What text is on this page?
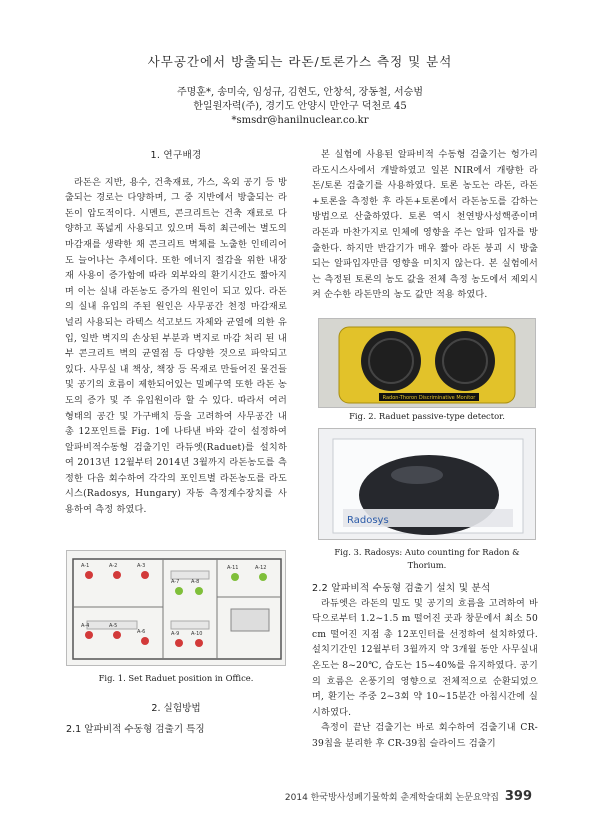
사무공간에서 방출되는 라돈/토론가스 측정 및 분석
주명훈*, 송미숙, 임성규, 김현도, 안창석, 장동철, 서승범
한일원자력(주), 경기도 안양시 만안구 덕천로 45
*smsdr@hanilnuclear.co.kr
1. 연구배경

라돈은 지반, 용수, 건축재료, 가스, 옥외 공기 등 방출되는 경로는 다양하며, 그 중 지반에서 방출되는 라돈이 압도적이다. 시멘트, 콘크리트는 건축 재료로 다양하고 폭넓게 사용되고 있으며 특히 최근에는 별도의 마감재를 생략한 채 콘크리트 벽체를 노출한 인테리어도 늘어나는 추세이다. 또한 에너지 절감을 위한 내장재 사용이 증가함에 따라 외부와의 환기시간도 짧아지며 이는 실내 라돈농도 증가의 원인이 되고 있다. 라돈의 실내 유입의 주된 원인은 사무공간 천정 마감재로 널리 사용되는 라텍스 석고보드 자체와 균열에 의한 유입, 일반 벽지의 손상된 부분과 벽지로 마감 처리 된 내부 콘크리트 벽의 균열점 등 다양한 것으로 파악되고 있다. 사무실 내 책상, 책장 등 목재로 만들어진 물건들 및 공기의 흐름이 제한되어있는 밀폐구역 또한 라돈 농도의 증가 및 주 유입원이라 할 수 있다. 따라서 여러 형태의 공간 및 가구배치 등을 고려하여 사무공간 내 총 12포인트를 Fig. 1에 나타낸 바와 같이 설정하여 알파비적수동형 검출기인 라듀엣(Raduet)를 설치하여 2013년 12월부터 2014년 3월까지 라돈농도를 측정한 다음 회수하여 각각의 포인트별 라돈농도를 라도시스(Radosys, Hungary) 자동 측정계수장치를 사용하여 측정 하였다.

A-1	A-2	A-3
A-4	A-5
A-6
A-7 A-8
A-9 A-10
A-11	A-12
Fig. 1. Set Raduet position in Office.
2. 실험방법
2.1 알파비적 수동형 검출기 특징

본 실험에 사용된 알파비적 수동형 검출기는 헝가리 라도시스사에서 개발하였고 일본 NIR에서 개량한 라돈/토론 검출기를 사용하였다. 토론 농도는 라돈, 라돈+토론을 측정한 후 라돈+토론에서 라돈농도를 감하는 방법으로 산출하였다. 토론 역시 천연방사성핵종이며 라돈과 마찬가지로 인체에 영향을 주는 알파 입자를 방출한다. 하지만 반감기가 매우 짧아 라돈 붕괴 시 방출되는 알파입자만큼 영향을 미치지 않는다. 본 실험에서는 측정된 토론의 농도 값을 전체 측정 농도에서 제외시켜 순수한 라돈만의 농도 값만 적용 하였다.

Radon-Thoron Discriminative Monitor
Fig. 2. Raduet passive-type detector.
Radosys
Fig. 3. Radosys: Auto counting for Radon & Thorium.
2.2 알파비적 수동형 검출기 설치 및 분석

라듀엣은 라돈의 밀도 및 공기의 흐름을 고려하여 바닥으로부터 1.2~1.5 m 떨어진 곳과 창문에서 최소 50 cm 떨어진 지점 총 12포인터를 선정하여 설치하였다. 설치기간인 12월부터 3월까지 약 3개월 동안 사무실내 온도는 8~20℃, 습도는 15~40%를 유지하였다. 공기의 흐름은 온풍기의 영향으로 전체적으로 순환되었으며, 환기는 주중 2~3회 약 10~15분간 아침시간에 실시하였다.

측정이 끝난 검출기는 바로 회수하여 검출기내 CR-39칩을 분리한 후 CR-39칩 슬라이드 검출기

2014 한국방사성폐기물학회 춘계학술대회 논문요약집 399
